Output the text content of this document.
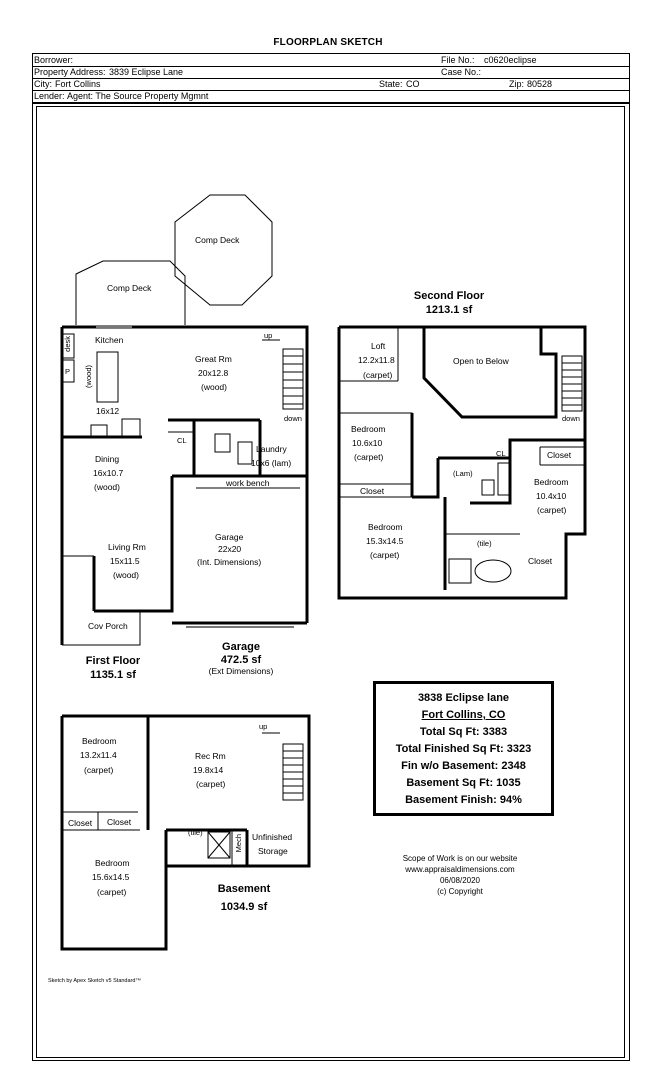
FLOORPLAN SKETCH
Borrower:	File No.: c0620eclipse
Property Address: 3839 Eclipse Lane	Case No.:
City: Fort Collins	State: CO	Zip: 80528
Lender: Agent: The Source Property Mgmnt
Comp Deck
Comp Deck
Kitchen
desk
P (wood)
16x12
Great Rm
20x12.8
(wood)
up
down
CL
Laundry
10x6 (lam)
Dining
16x10.7
(wood)
Living Rm
15x11.5
(wood)
Cov Porch
work bench
Garage
22x20
(Int. Dimensions)
First Floor
1135.1 sf
Garage
472.5 sf
(Ext Dimensions)
Second Floor
1213.1 sf
Loft
12.2x11.8
(carpet)
Open to Below
down
Bedroom
10.6x10
(carpet)
Closet
CL
(Lam)
Closet
Bedroom
10.4x10
(carpet)
Bedroom
15.3x14.5
(carpet)
(tile)
Closet
3838 Eclipse lane
Fort Collins, CO
Total Sq Ft: 3383
Total Finished Sq Ft: 3323
Fin w/o Basement: 2348
Basement Sq Ft: 1035
Basement Finish: 94%
Bedroom
13.2x11.4
(carpet)
Rec Rm
19.8x14
(carpet)
up
Closet Closet
(tile)
Mech Unfinished
Storage
Bedroom
15.6x14.5
(carpet)	Basement
1034.9 sf
Scope of Work is on our website
www.appraisaldimensions.com
06/08/2020
(c) Copyright
Sketch by Apex Sketch v5 Standard™
